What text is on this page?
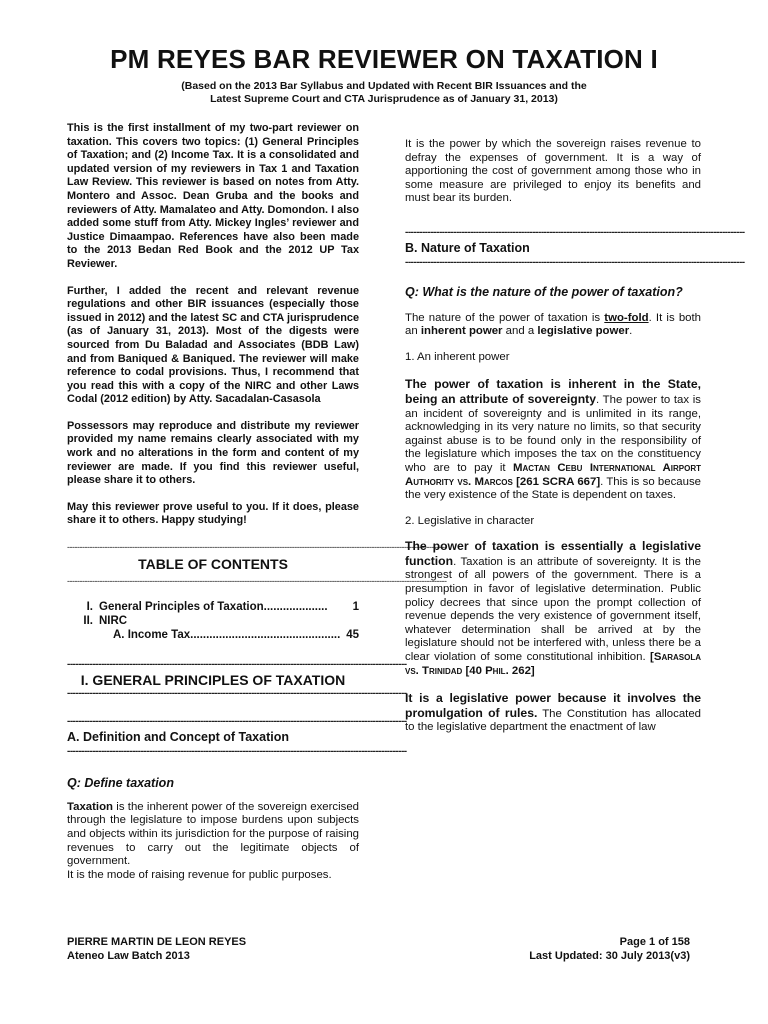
PM REYES BAR REVIEWER ON TAXATION I
(Based on the 2013 Bar Syllabus and Updated with Recent BIR Issuances and the
Latest Supreme Court and CTA Jurisprudence as of January 31, 2013)

This is the first installment of my two-part reviewer on taxation. This covers two topics: (1) General Principles of Taxation; and (2) Income Tax. It is a consolidated and updated version of my reviewers in Tax 1 and Taxation Law Review. This reviewer is based on notes from Atty. Montero and Assoc. Dean Gruba and the books and reviewers of Atty. Mamalateo and Atty. Domondon. I also added some stuff from Atty. Mickey Ingles’ reviewer and Justice Dimaampao. References have also been made to the 2013 Bedan Red Book and the 2012 UP Tax Reviewer.

Further, I added the recent and relevant revenue regulations and other BIR issuances (especially those issued in 2012) and the latest SC and CTA jurisprudence (as of January 31, 2013). Most of the digests were sourced from Du Baladad and Associates (BDB Law) and from Baniqued & Baniqued. The reviewer will make reference to codal provisions. Thus, I recommend that you read this with a copy of the NIRC and other Laws Codal (2012 edition) by Atty. Sacadalan-Casasola

Possessors may reproduce and distribute my reviewer provided my name remains clearly associated with my work and no alterations in the form and content of my reviewer are made. If you find this reviewer useful, please share it to others.

May this reviewer prove useful to you. If it does, please share it to others. Happy studying!

--------------------------------------------------------------------------------------------------------------------------------------------------------
TABLE OF CONTENTS
--------------------------------------------------------------------------------------------------------------------------------------------------------
I. General Principles of Taxation....................	1
II. NIRC
A. Income Tax............................................... 45
------------------------------------------------------------------------------------------------------------------------
I. GENERAL PRINCIPLES OF TAXATION
------------------------------------------------------------------------------------------------------------------------
------------------------------------------------------------------------------------------------------------------------
A. Definition and Concept of Taxation
------------------------------------------------------------------------------------------------------------------------
Q: Define taxation

Taxation is the inherent power of the sovereign exercised through the legislature to impose burdens upon subjects and objects within its jurisdiction for the purpose of raising revenues to carry out the legitimate objects of government.

It is the mode of raising revenue for public purposes.

It is the power by which the sovereign raises revenue to defray the expenses of government. It is a way of apportioning the cost of government among those who in some measure are privileged to enjoy its benefits and must bear its burden.

------------------------------------------------------------------------------------------------------------------------
B. Nature of Taxation
------------------------------------------------------------------------------------------------------------------------

Q: What is the nature of the power of taxation?

The nature of the power of taxation is two-fold. It is both an inherent power and a legislative power.

1. An inherent power

The power of taxation is inherent in the State, being an attribute of sovereignty. The power to tax is an incident of sovereignty and is unlimited in its range, acknowledging in its very nature no limits, so that security against abuse is to be found only in the responsibility of the legislature which imposes the tax on the constituency who are to pay it Mactan Cebu International Airport Authority vs. Marcos [261 SCRA 667]. This is so because the very existence of the State is dependent on taxes.

2. Legislative in character

The power of taxation is essentially a legislative function. Taxation is an attribute of sovereignty. It is the strongest of all powers of the government. There is a presumption in favor of legislative determination. Public policy decrees that since upon the prompt collection of revenue depends the very existence of government itself, whatever determination shall be arrived at by the legislature should not be interfered with, unless there be a clear violation of some constitutional inhibition. [Sarasola vs. Trinidad [40 Phil. 262]

It is a legislative power because it involves the promulgation of rules. The Constitution has allocated to the legislative department the enactment of law

PIERRE MARTIN DE LEON REYES
Ateneo Law Batch 2013
Page 1 of 158
Last Updated: 30 July 2013(v3)
